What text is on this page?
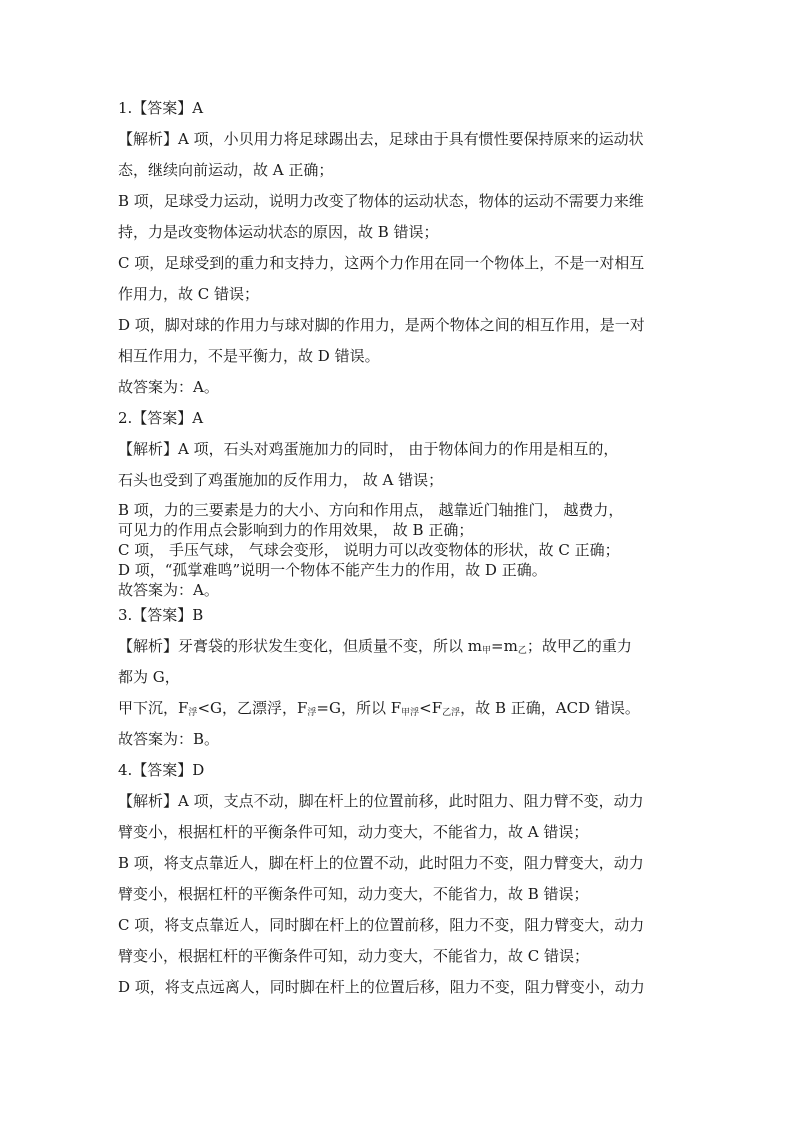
1.【答案】A
【解析】A 项，小贝用力将足球踢出去，足球由于具有惯性要保持原来的运动状
态，继续向前运动，故 A 正确；
B 项，足球受力运动，说明力改变了物体的运动状态，物体的运动不需要力来维
持，力是改变物体运动状态的原因，故 B 错误；
C 项，足球受到的重力和支持力，这两个力作用在同一个物体上，不是一对相互
作用力，故 C 错误；
D 项，脚对球的作用力与球对脚的作用力，是两个物体之间的相互作用，是一对
相互作用力，不是平衡力，故 D 错误。
故答案为：A。
2.【答案】A
【解析】A 项，石头对鸡蛋施加力的同时， 由于物体间力的作用是相互的，
石头也受到了鸡蛋施加的反作用力， 故 A 错误；
B 项，力的三要素是力的大小、方向和作用点， 越靠近门轴推门， 越费力，
可见力的作用点会影响到力的作用效果， 故 B 正确；
C 项， 手压气球， 气球会变形， 说明力可以改变物体的形状，故 C 正确；
D 项，“孤掌难鸣”说明一个物体不能产生力的作用，故 D 正确。
故答案为：A。
3.【答案】B
【解析】牙膏袋的形状发生变化，但质量不变，所以 $m_甲=m_乙$；故甲乙的重力
都为 G，
甲下沉，$F_浮<G$，乙漂浮，$F_浮=G$，所以 $F_{甲浮}<F_{乙浮}$，故 B 正确，ACD 错误。
故答案为：B。
4.【答案】D
【解析】A 项，支点不动，脚在杆上的位置前移，此时阻力、阻力臂不变，动力
臂变小，根据杠杆的平衡条件可知，动力变大，不能省力，故 A 错误；
B 项，将支点靠近人，脚在杆上的位置不动，此时阻力不变，阻力臂变大，动力
臂变小，根据杠杆的平衡条件可知，动力变大，不能省力，故 B 错误；
C 项，将支点靠近人，同时脚在杆上的位置前移，阻力不变，阻力臂变大，动力
臂变小，根据杠杆的平衡条件可知，动力变大，不能省力，故 C 错误；
D 项，将支点远离人，同时脚在杆上的位置后移，阻力不变，阻力臂变小，动力
